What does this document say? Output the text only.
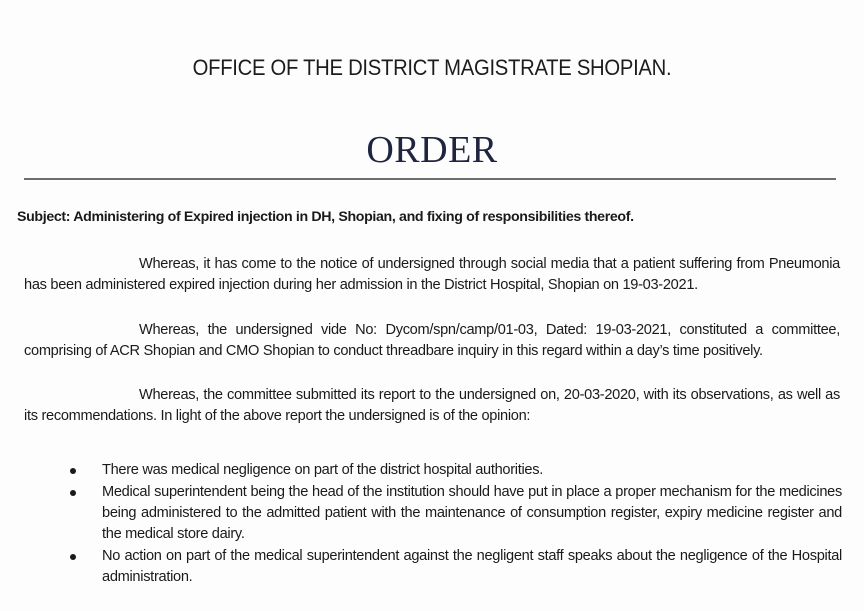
OFFICE OF THE DISTRICT MAGISTRATE SHOPIAN.
ORDER
Subject: Administering of Expired injection in DH, Shopian, and fixing of responsibilities thereof.
Whereas, it has come to the notice of undersigned through social media that a patient suffering from Pneumonia has been administered expired injection during her admission in the District Hospital, Shopian on 19-03-2021.
Whereas, the undersigned vide No: Dycom/spn/camp/01-03, Dated: 19-03-2021, constituted a committee, comprising of ACR Shopian and CMO Shopian to conduct threadbare inquiry in this regard within a day’s time positively.
Whereas, the committee submitted its report to the undersigned on, 20-03-2020, with its observations, as well as its recommendations. In light of the above report the undersigned is of the opinion:
There was medical negligence on part of the district hospital authorities.
Medical superintendent being the head of the institution should have put in place a proper mechanism for the medicines being administered to the admitted patient with the maintenance of consumption register, expiry medicine register and the medical store dairy.
No action on part of the medical superintendent against the negligent staff speaks about the negligence of the Hospital administration.
